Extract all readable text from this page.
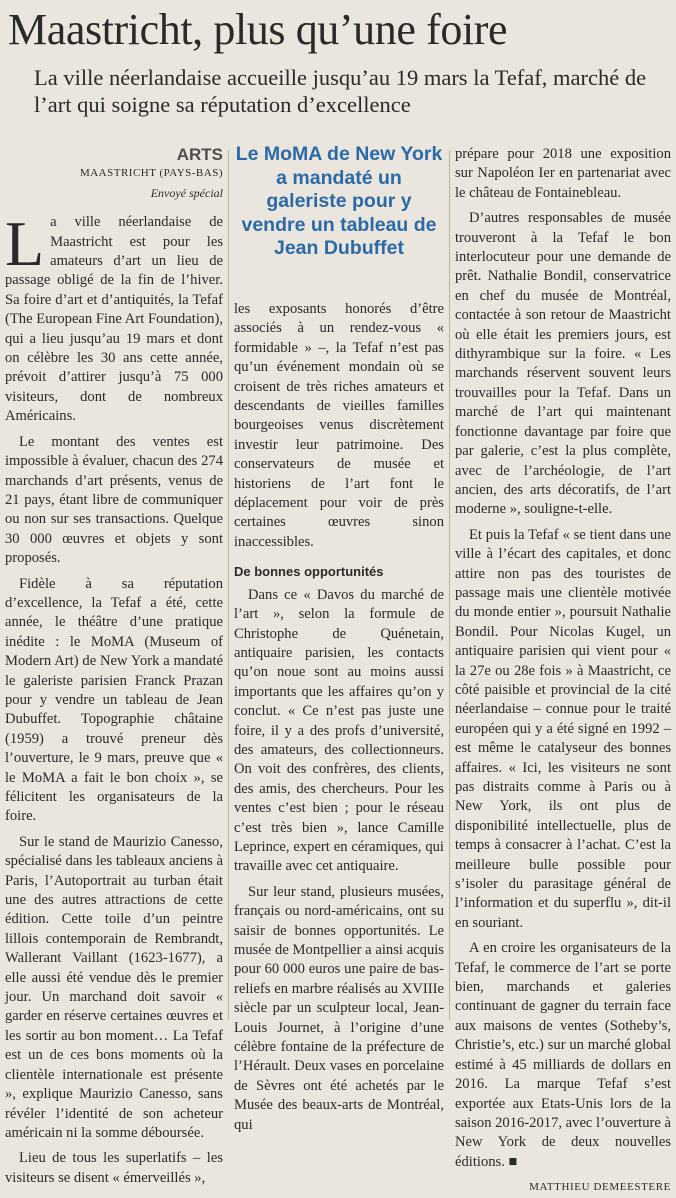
Maastricht, plus qu’une foire
La ville néerlandaise accueille jusqu’au 19 mars la Tefaf, marché de l’art qui soigne sa réputation d’excellence
ARTS
MAASTRICHT (PAYS-BAS)
Envoyé spécial

La ville néerlandaise de Maastricht est pour les amateurs d’art un lieu de passage obligé de la fin de l’hiver. Sa foire d’art et d’antiquités, la Tefaf (The European Fine Art Foundation), qui a lieu jusqu’au 19 mars et dont on célèbre les 30 ans cette année, prévoit d’attirer jusqu’à 75 000 visiteurs, dont de nombreux Américains.

Le montant des ventes est impossible à évaluer, chacun des 274 marchands d’art présents, venus de 21 pays, étant libre de communiquer ou non sur ses transactions. Quelque 30 000 œuvres et objets y sont proposés.

Fidèle à sa réputation d’excellence, la Tefaf a été, cette année, le théâtre d’une pratique inédite : le MoMA (Museum of Modern Art) de New York a mandaté le galeriste parisien Franck Prazan pour y vendre un tableau de Jean Dubuffet. Topographie châtaine (1959) a trouvé preneur dès l’ouverture, le 9 mars, preuve que « le MoMA a fait le bon choix », se félicitent les organisateurs de la foire.

Sur le stand de Maurizio Canesso, spécialisé dans les tableaux anciens à Paris, l’Autoportrait au turban était une des autres attractions de cette édition. Cette toile d’un peintre lillois contemporain de Rembrandt, Wallerant Vaillant (1623-1677), a elle aussi été vendue dès le premier jour. Un marchand doit savoir « garder en réserve certaines œuvres et les sortir au bon moment… La Tefaf est un de ces bons moments où la clientèle internationale est présente », explique Maurizio Canesso, sans révéler l’identité de son acheteur américain ni la somme déboursée.

Lieu de tous les superlatifs – les visiteurs se disent « émerveillés »,

Le MoMA de New York a mandaté un galeriste pour y vendre un tableau de Jean Dubuffet

les exposants honorés d’être associés à un rendez-vous « formidable » –, la Tefaf n’est pas qu’un événement mondain où se croisent de très riches amateurs et descendants de vieilles familles bourgeoises venus discrètement investir leur patrimoine. Des conservateurs de musée et historiens de l’art font le déplacement pour voir de près certaines œuvres sinon inaccessibles.

De bonnes opportunités

Dans ce « Davos du marché de l’art », selon la formule de Christophe de Quénetain, antiquaire parisien, les contacts qu’on noue sont au moins aussi importants que les affaires qu’on y conclut. « Ce n’est pas juste une foire, il y a des profs d’université, des amateurs, des collectionneurs. On voit des confrères, des clients, des amis, des chercheurs. Pour les ventes c’est bien ; pour le réseau c’est très bien », lance Camille Leprince, expert en céramiques, qui travaille avec cet antiquaire.

Sur leur stand, plusieurs musées, français ou nord-américains, ont su saisir de bonnes opportunités. Le musée de Montpellier a ainsi acquis pour 60 000 euros une paire de bas-reliefs en marbre réalisés au XVIIIe siècle par un sculpteur local, Jean-Louis Journet, à l’origine d’une célèbre fontaine de la préfecture de l’Hérault. Deux vases en porcelaine de Sèvres ont été achetés par le Musée des beaux-arts de Montréal, qui

prépare pour 2018 une exposition sur Napoléon Ier en partenariat avec le château de Fontainebleau.

D’autres responsables de musée trouveront à la Tefaf le bon interlocuteur pour une demande de prêt. Nathalie Bondil, conservatrice en chef du musée de Montréal, contactée à son retour de Maastricht où elle était les premiers jours, est dithyrambique sur la foire. « Les marchands réservent souvent leurs trouvailles pour la Tefaf. Dans un marché de l’art qui maintenant fonctionne davantage par foire que par galerie, c’est la plus complète, avec de l’archéologie, de l’art ancien, des arts décoratifs, de l’art moderne », souligne-t-elle.

Et puis la Tefaf « se tient dans une ville à l’écart des capitales, et donc attire non pas des touristes de passage mais une clientèle motivée du monde entier », poursuit Nathalie Bondil. Pour Nicolas Kugel, un antiquaire parisien qui vient pour « la 27e ou 28e fois » à Maastricht, ce côté paisible et provincial de la cité néerlandaise – connue pour le traité européen qui y a été signé en 1992 – est même le catalyseur des bonnes affaires. « Ici, les visiteurs ne sont pas distraits comme à Paris ou à New York, ils ont plus de disponibilité intellectuelle, plus de temps à consacrer à l’achat. C’est la meilleure bulle possible pour s’isoler du parasitage général de l’information et du superflu », dit-il en souriant.

A en croire les organisateurs de la Tefaf, le commerce de l’art se porte bien, marchands et galeries continuant de gagner du terrain face aux maisons de ventes (Sotheby’s, Christie’s, etc.) sur un marché global estimé à 45 milliards de dollars en 2016. La marque Tefaf s’est exportée aux Etats-Unis lors de la saison 2016-2017, avec l’ouverture à New York de deux nouvelles éditions. ■

MATTHIEU DEMEESTERE
